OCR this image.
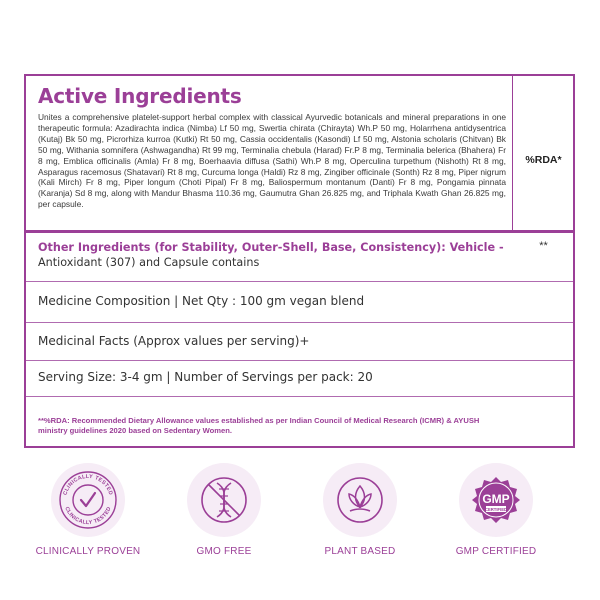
Active Ingredients
Unites a comprehensive platelet-support herbal complex with classical Ayurvedic botanicals and mineral preparations in one therapeutic formula: Azadirachta indica (Nimba) Lf 50 mg, Swertia chirata (Chirayta) Wh.P 50 mg, Holarrhena antidysentrica (Kutaj) Bk 50 mg, Picrorhiza kurroa (Kutki) Rt 50 mg, Cassia occidentalis (Kasondi) Lf 50 mg, Alstonia scholaris (Chitvan) Bk 50 mg, Withania somnifera (Ashwagandha) Rt 99 mg, Terminalia chebula (Harad) Fr.P 8 mg, Terminalia belerica (Bhahera) Fr 8 mg, Emblica officinalis (Amla) Fr 8 mg, Boerhaavia diffusa (Sathi) Wh.P 8 mg, Operculina turpethum (Nishoth) Rt 8 mg, Asparagus racemosus (Shatavari) Rt 8 mg, Curcuma longa (Haldi) Rz 8 mg, Zingiber officinale (Sonth) Rz 8 mg, Piper nigrum (Kali Mirch) Fr 8 mg, Piper longum (Choti Pipal) Fr 8 mg, Baliospermum montanum (Danti) Fr 8 mg, Pongamia pinnata (Karanja) Sd 8 mg, along with Mandur Bhasma 110.36 mg, Gaumutra Ghan 26.825 mg, and Triphala Kwath Ghan 26.825 mg, per capsule.
%RDA*
Other Ingredients (for Stability, Outer-Shell, Base, Consistency): Vehicle - Antioxidant (307) and Capsule contains
**
Medicine Composition | Net Qty : 100 gm vegan blend
Medicinal Facts (Approx values per serving)+
Serving Size: 3-4 gm | Number of Servings per pack: 20
**%RDA: Recommended Dietary Allowance values established as per Indian Council of Medical Research (ICMR) & AYUSH ministry guidelines 2020 based on Sedentary Women.
CLINICALLY TESTED
CLINICALLY TESTED
CLINICALLY PROVEN	GMO FREE	PLANT BASED
GMP
CERTIFIED
GMP CERTIFIED
